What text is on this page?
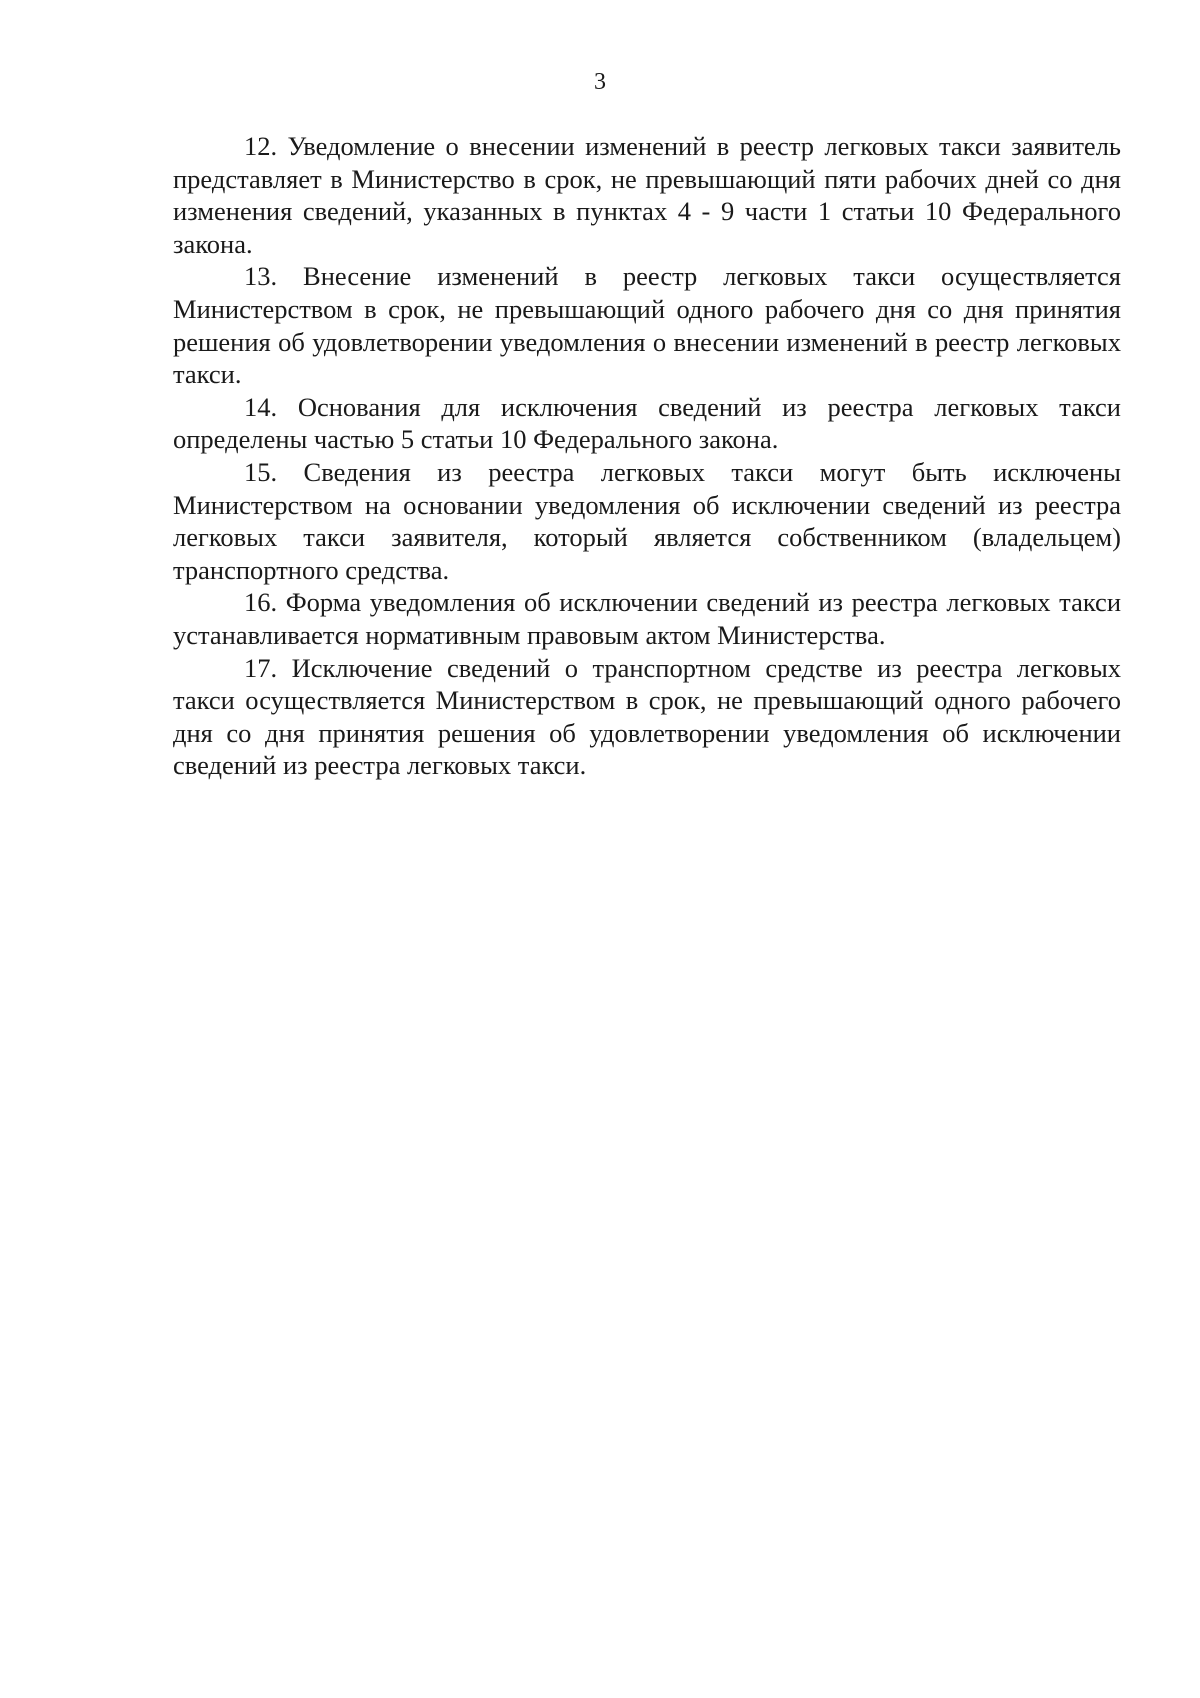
3

12. Уведомление о внесении изменений в реестр легковых такси заявитель представляет в Министерство в срок, не превышающий пяти рабочих дней со дня изменения сведений, указанных в пунктах 4 - 9 части 1 статьи 10 Федерального закона.

13. Внесение изменений в реестр легковых такси осуществляется Министерством в срок, не превышающий одного рабочего дня со дня принятия решения об удовлетворении уведомления о внесении изменений в реестр легковых такси.

14. Основания для исключения сведений из реестра легковых такси определены частью 5 статьи 10 Федерального закона.

15. Сведения из реестра легковых такси могут быть исключены Министерством на основании уведомления об исключении сведений из реестра легковых такси заявителя, который является собственником (владельцем) транспортного средства.

16. Форма уведомления об исключении сведений из реестра легковых такси устанавливается нормативным правовым актом Министерства.

17. Исключение сведений о транспортном средстве из реестра легковых такси осуществляется Министерством в срок, не превышающий одного рабочего дня со дня принятия решения об удовлетворении уведомления об исключении сведений из реестра легковых такси.
